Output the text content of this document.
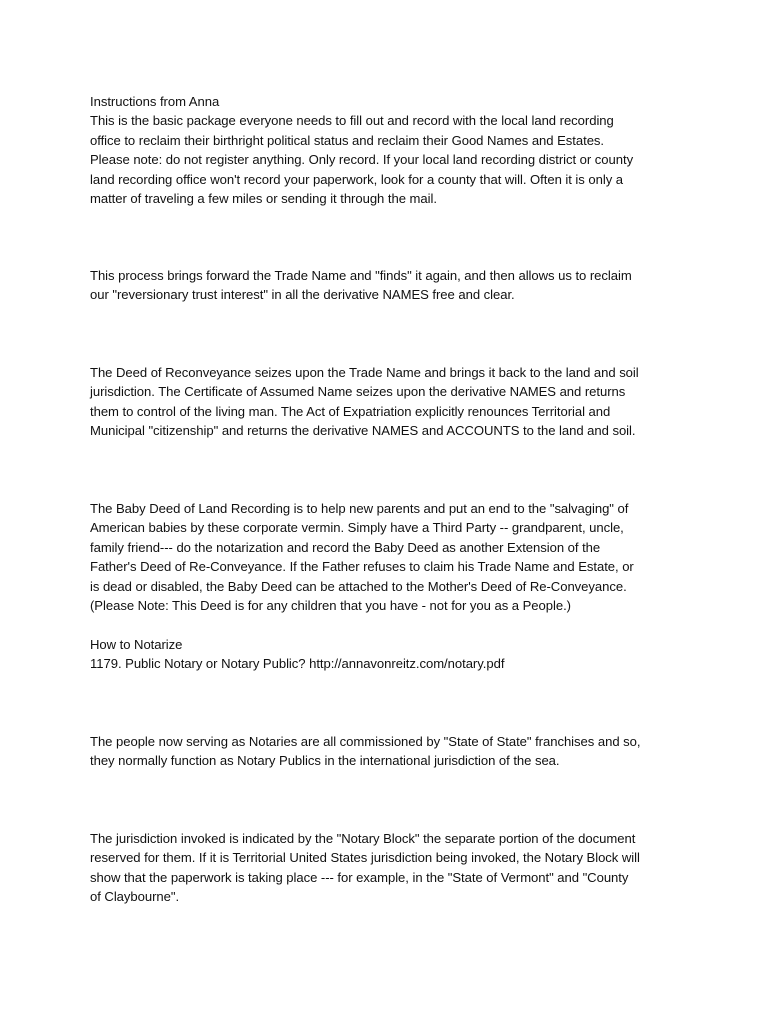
Instructions from Anna
This is the basic package everyone needs to fill out and record with the local land recording
office to reclaim their birthright political status and reclaim their Good Names and Estates.
Please note: do not register anything. Only record. If your local land recording district or county
land recording office won't record your paperwork, look for a county that will. Often it is only a
matter of traveling a few miles or sending it through the mail.

This process brings forward the Trade Name and "finds" it again, and then allows us to reclaim
our "reversionary trust interest" in all the derivative NAMES free and clear.

The Deed of Reconveyance seizes upon the Trade Name and brings it back to the land and soil
jurisdiction. The Certificate of Assumed Name seizes upon the derivative NAMES and returns
them to control of the living man. The Act of Expatriation explicitly renounces Territorial and
Municipal "citizenship" and returns the derivative NAMES and ACCOUNTS to the land and soil.

The Baby Deed of Land Recording is to help new parents and put an end to the "salvaging" of
American babies by these corporate vermin. Simply have a Third Party -- grandparent, uncle,
family friend--- do the notarization and record the Baby Deed as another Extension of the
Father's Deed of Re-Conveyance. If the Father refuses to claim his Trade Name and Estate, or
is dead or disabled, the Baby Deed can be attached to the Mother's Deed of Re-Conveyance.
(Please Note: This Deed is for any children that you have - not for you as a People.)

How to Notarize
1179. Public Notary or Notary Public? http://annavonreitz.com/notary.pdf

The people now serving as Notaries are all commissioned by "State of State" franchises and so,
they normally function as Notary Publics in the international jurisdiction of the sea.

The jurisdiction invoked is indicated by the "Notary Block" the separate portion of the document
reserved for them. If it is Territorial United States jurisdiction being invoked, the Notary Block will
show that the paperwork is taking place --- for example, in the "State of Vermont" and "County
of Claybourne".
